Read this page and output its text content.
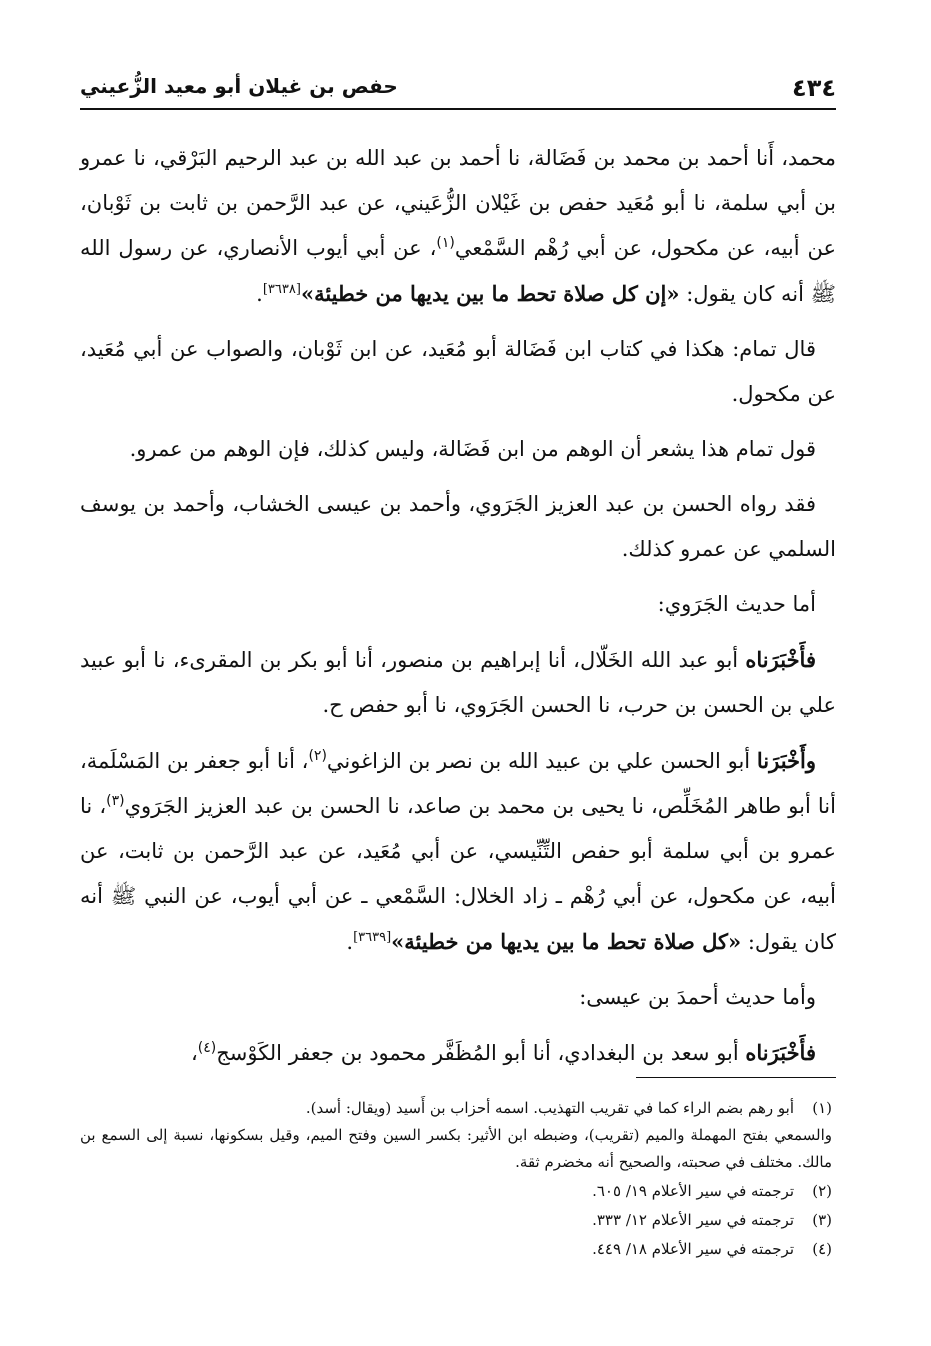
٤٣٤
حفص بن غيلان أبو معيد الزُّعيني

محمد، أَنا أحمد بن محمد بن فَضَالة، نا أحمد بن عبد الله بن عبد الرحيم البَرْقي، نا عمرو بن أبي سلمة، نا أبو مُعَيد حفص بن غَيْلان الزُّعَيني، عن عبد الرَّحمن بن ثابت بن ثَوْبان، عن أبيه، عن مكحول، عن أبي رُهْم السَّمْعي$^{(١)}$، عن أبي أيوب الأنصاري، عن رسول الله ﷺ أنه كان يقول: «إن كل صلاة تحط ما بين يديها من خطيئة»[٣٦٣٨].

قال تمام: هكذا في كتاب ابن فَضَالة أبو مُعَيد، عن ابن ثَوْبان، والصواب عن أبي مُعَيد، عن مكحول.

قول تمام هذا يشعر أن الوهم من ابن فَضَالة، وليس كذلك، فإن الوهم من عمرو.

فقد رواه الحسن بن عبد العزيز الجَرَوي، وأحمد بن عيسى الخشاب، وأحمد بن يوسف السلمي عن عمرو كذلك.

أما حديث الجَرَوي:

فأَخْبَرَناه أبو عبد الله الخَلّال، أنا إبراهيم بن منصور، أنا أبو بكر بن المقرىء، نا أبو عبيد علي بن الحسن بن حرب، نا الحسن الجَرَوي، نا أبو حفص ح.

وأَخْبَرَنا أبو الحسن علي بن عبيد الله بن نصر بن الزاغوني$^{(٢)}$، أنا أبو جعفر بن المَسْلَمة، أنا أبو طاهر المُخَلِّص، نا يحيى بن محمد بن صاعد، نا الحسن بن عبد العزيز الجَرَوي$^{(٣)}$، نا عمرو بن أبي سلمة أبو حفص التِّنِّيسي، عن أبي مُعَيد، عن عبد الرَّحمن بن ثابت، عن أبيه، عن مكحول، عن أبي رُهْم ـ زاد الخلال: السَّمْعي ـ عن أبي أيوب، عن النبي ﷺ أنه كان يقول: «كل صلاة تحط ما بين يديها من خطيئة»[٣٦٣٩].

وأما حديث أحمدَ بن عيسى:

فأَخْبَرَناه أبو سعد بن البغدادي، أنا أبو المُظَفَّر محمود بن جعفر الكَوْسج$^{(٤)}$،

(١)
أبو رهم بضم الراء كما في تقريب التهذيب. اسمه أحزاب بن أَسيد (ويقال: أسد).
والسمعي بفتح المهملة والميم (تقريب)، وضبطه ابن الأثير: بكسر السين وفتح الميم، وقيل بسكونها، نسبة إلى السمع بن مالك. مختلف في صحبته، والصحيح أنه مخضرم ثقة.
(٢)
ترجمته في سير الأعلام ١٩/ ٦٠٥.
(٣)
ترجمته في سير الأعلام ١٢/ ٣٣٣.
(٤)
ترجمته في سير الأعلام ١٨/ ٤٤٩.
